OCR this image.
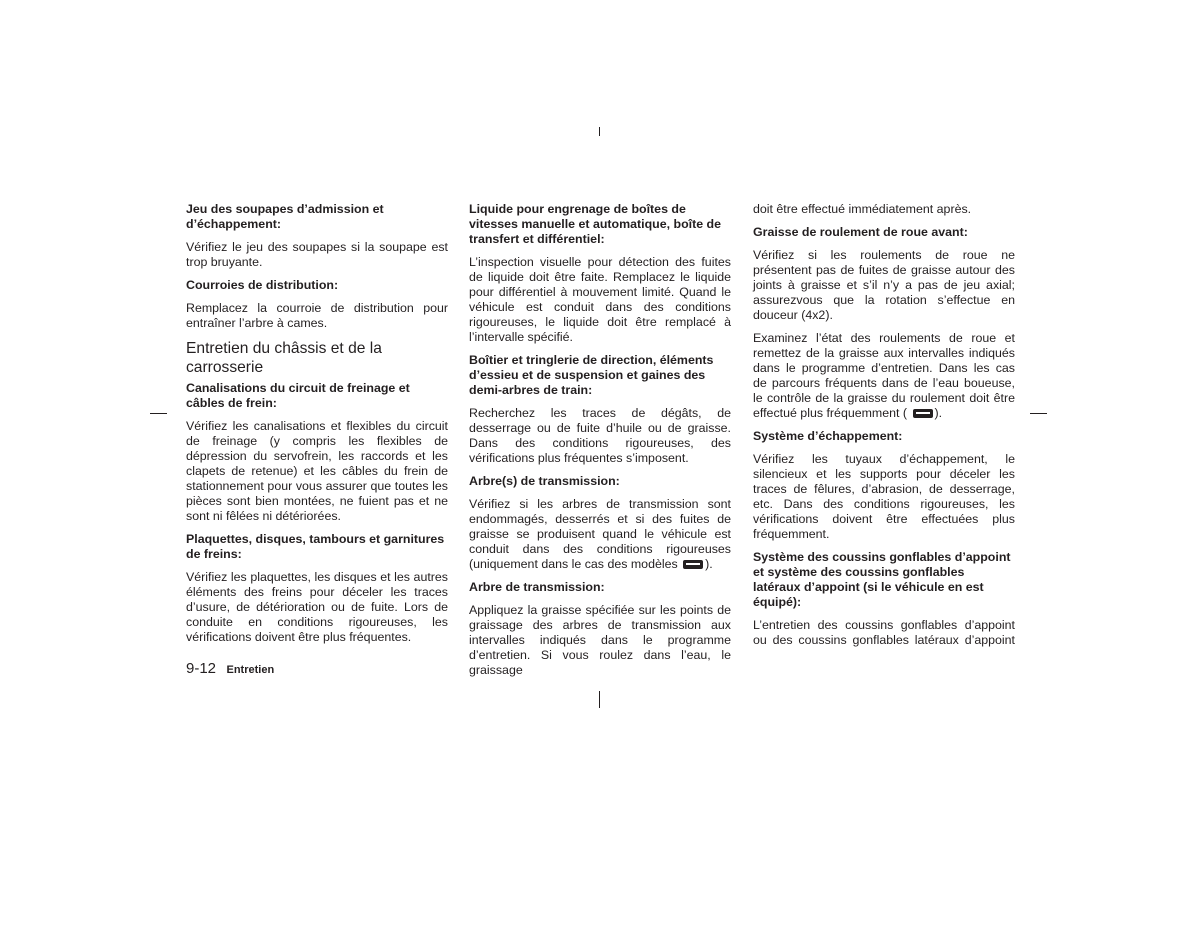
Jeu des soupapes d’admission et d’échappement:
Vérifiez le jeu des soupapes si la soupape est trop bruyante.
Courroies de distribution:
Remplacez la courroie de distribution pour entraîner l’arbre à cames.
Entretien du châssis et de la carrosserie
Canalisations du circuit de freinage et câbles de frein:
Vérifiez les canalisations et flexibles du circuit de freinage (y compris les flexibles de dépression du servofrein, les raccords et les clapets de retenue) et les câbles du frein de stationnement pour vous assurer que toutes les pièces sont bien montées, ne fuient pas et ne sont ni fêlées ni détériorées.
Plaquettes, disques, tambours et garnitures de freins:
Vérifiez les plaquettes, les disques et les autres éléments des freins pour déceler les traces d’usure, de détérioration ou de fuite. Lors de conduite en conditions rigoureuses, les vérifications doivent être plus fréquentes.
Liquide pour engrenage de boîtes de vitesses manuelle et automatique, boîte de transfert et différentiel:
L’inspection visuelle pour détection des fuites de liquide doit être faite. Remplacez le liquide pour différentiel à mouvement limité. Quand le véhicule est conduit dans des conditions rigoureuses, le liquide doit être remplacé à l’intervalle spécifié.
Boîtier et tringlerie de direction, éléments d’essieu et de suspension et gaines des demi-arbres de train:
Recherchez les traces de dégâts, de desserrage ou de fuite d’huile ou de graisse. Dans des conditions rigoureuses, des vérifications plus fréquentes s’imposent.
Arbre(s) de transmission:
Vérifiez si les arbres de transmission sont endommagés, desserrés et si des fuites de graisse se produisent quand le véhicule est conduit dans des conditions rigoureuses (uniquement dans le cas des modèles ).
Arbre de transmission:
Appliquez la graisse spécifiée sur les points de graissage des arbres de transmission aux intervalles indiqués dans le programme d’entretien. Si vous roulez dans l’eau, le graissage
doit être effectué immédiatement après.
Graisse de roulement de roue avant:
Vérifiez si les roulements de roue ne présentent pas de fuites de graisse autour des joints à graisse et s’il n’y a pas de jeu axial; assurezvous que la rotation s’effectue en douceur (4x2).
Examinez l’état des roulements de roue et remettez de la graisse aux intervalles indiqués dans le programme d’entretien. Dans les cas de parcours fréquents dans de l’eau boueuse, le contrôle de la graisse du roulement doit être effectué plus fréquemment ( ).
Système d’échappement:
Vérifiez les tuyaux d’échappement, le silencieux et les supports pour déceler les traces de fêlures, d’abrasion, de desserrage, etc. Dans des conditions rigoureuses, les vérifications doivent être effectuées plus fréquemment.
Système des coussins gonflables d’appoint et système des coussins gonflables latéraux d’appoint (si le véhicule en est équipé):
L’entretien des coussins gonflables d’appoint ou des coussins gonflables latéraux d’appoint
9-12 Entretien
